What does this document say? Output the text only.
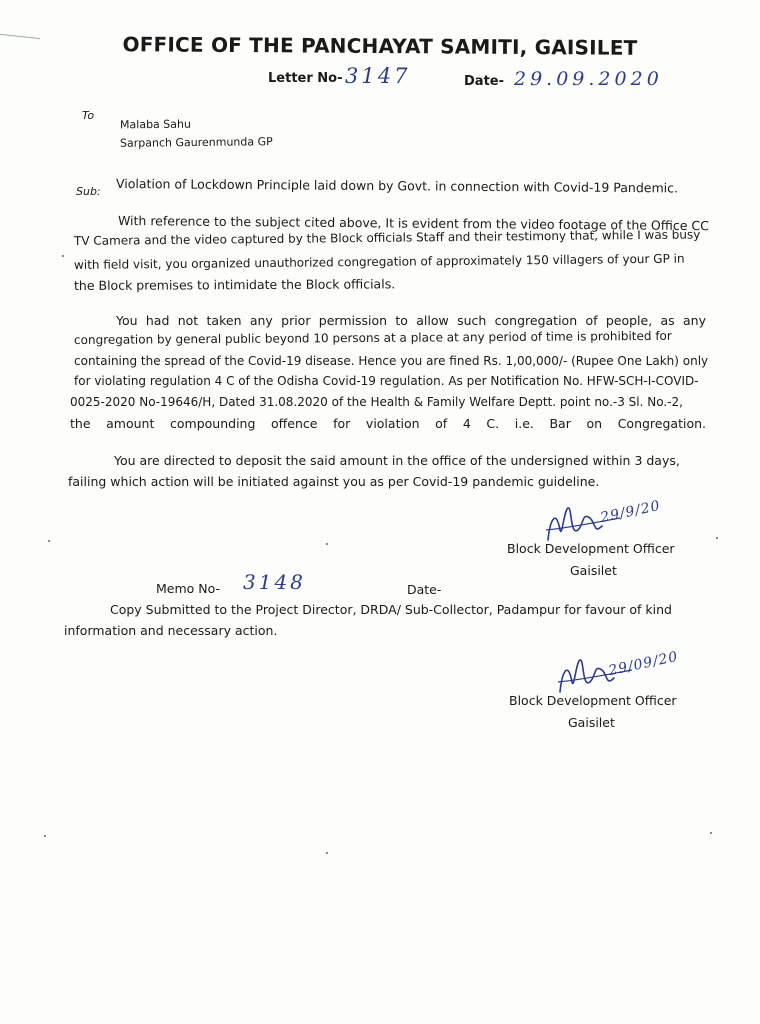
OFFICE OF THE PANCHAYAT SAMITI, GAISILET
Letter No- 3147	Date- 29.09.2020
To
Malaba Sahu
Sarpanch Gaurenmunda GP
Sub: Violation of Lockdown Principle laid down by Govt. in connection with Covid-19 Pandemic.
With reference to the subject cited above, It is evident from the video footage of the Office CC
TV Camera and the video captured by the Block officials Staff and their testimony that, while I was busy
with field visit, you organized unauthorized congregation of approximately 150 villagers of your GP in
the Block premises to intimidate the Block officials.
You had not taken any prior permission to allow such congregation of people, as any
congregation by general public beyond 10 persons at a place at any period of time is prohibited for
containing the spread of the Covid-19 disease. Hence you are fined Rs. 1,00,000/- (Rupee One Lakh) only
for violating regulation 4 C of the Odisha Covid-19 regulation. As per Notification No. HFW-SCH-I-COVID-
0025-2020 No-19646/H, Dated 31.08.2020 of the Health & Family Welfare Deptt. point no.-3 Sl. No.-2,
the amount compounding offence for violation of 4 C. i.e. Bar on Congregation.
You are directed to deposit the said amount in the office of the undersigned within 3 days,
failing which action will be initiated against you as per Covid-19 pandemic guideline.
29/9/20
Block Development Officer
Gaisilet
Memo No- 3148	Date-
Copy Submitted to the Project Director, DRDA/ Sub-Collector, Padampur for favour of kind
information and necessary action.
29/09/20
Block Development Officer
Gaisilet
